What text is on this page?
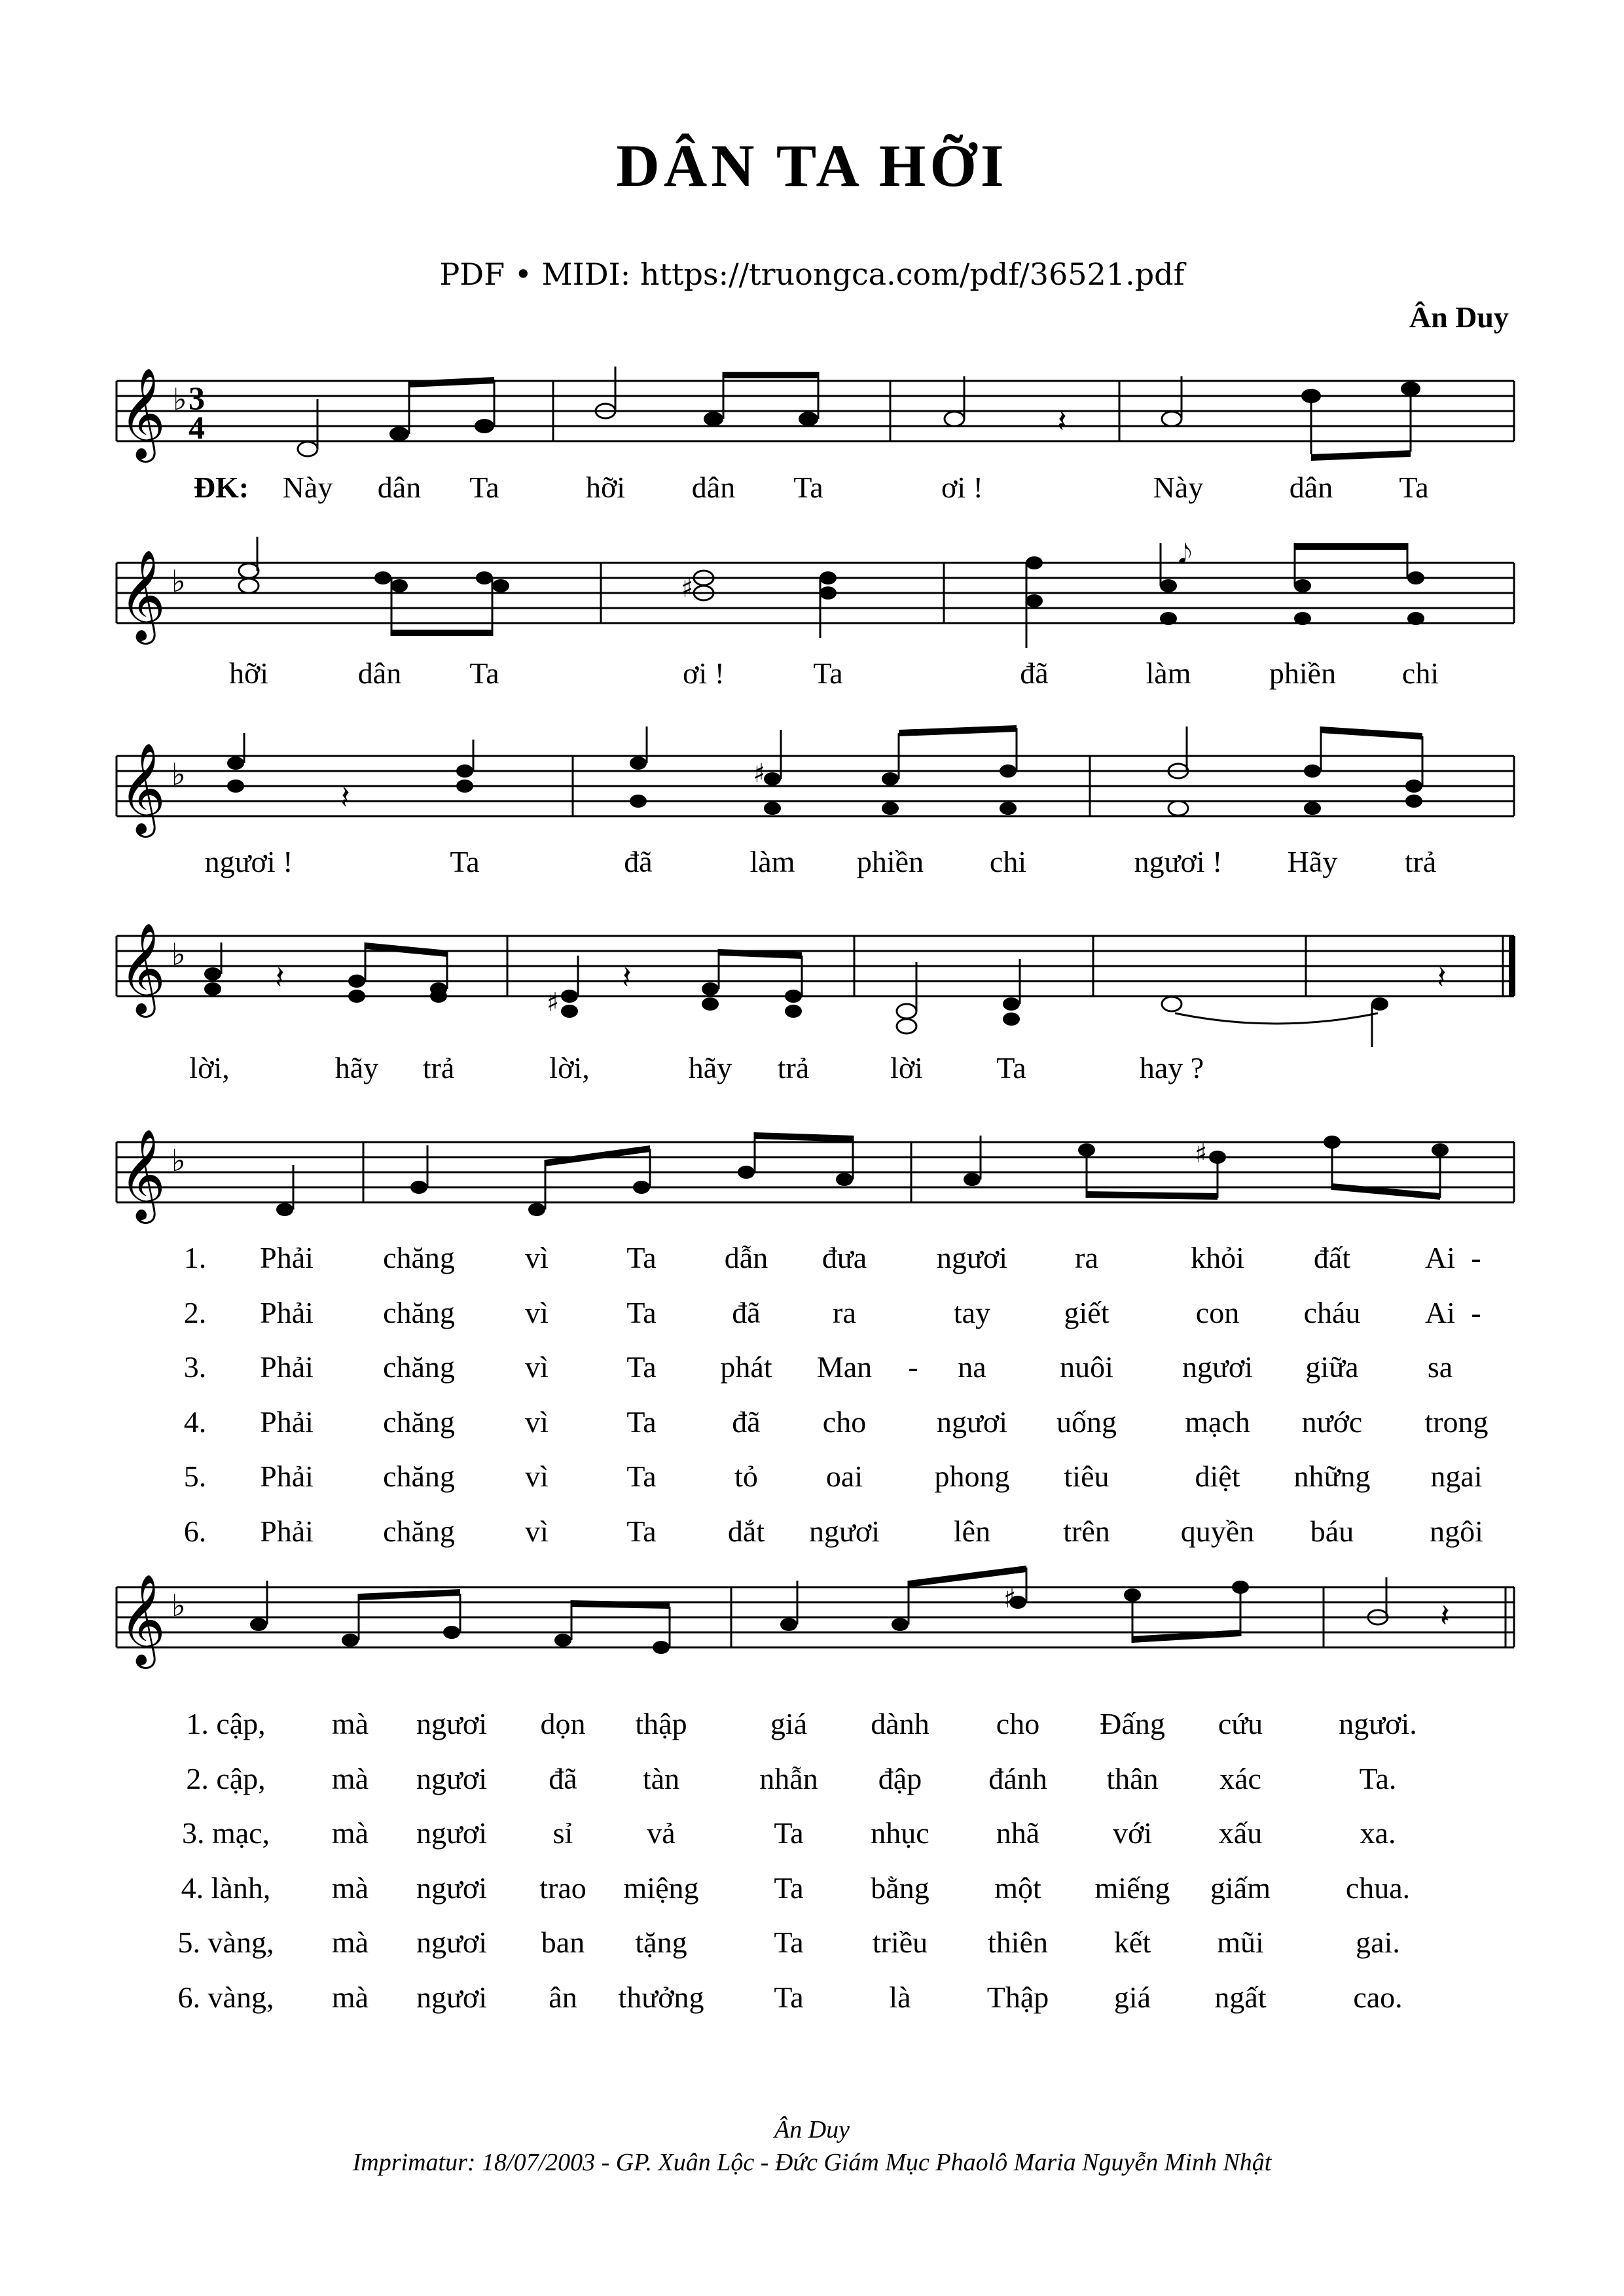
DÂN TA HỠI
PDF • MIDI: https://truongca.com/pdf/36521.pdf
Ân Duy
𝄞 ♭ 3
4	𝄽
ĐK: Này dân Ta	hỡi dân Ta	ơi !	Này	dân Ta
𝄞 ♭	♯
𝅘𝅥𝅮
hỡi	dân Ta	ơi !	Ta	đã	làm	phiền chi
𝄞 ♭
𝄽
♯
ngươi !	Ta	đã	làm phiền chi	ngươi ! Hãy trả
𝄞 ♭
𝄽	𝄽	𝄽
♯
lời,	hãy trả	lời,	hãy trả	lời Ta	hay ?
𝄞 ♭	♯
1. Phải chăng vì	Ta dẫn đưa ngươi ra	khỏi đất Ai -
2. Phải chăng vì	Ta	đã ra	tay giết	con cháu Ai -
3. Phải chăng vì	Ta phát Man - na nuôi ngươi giữa sa
4. Phải chăng vì	Ta	đã cho ngươi uống mạch nước trong
5. Phải chăng vì	Ta	tỏ oai phong tiêu	diệt những ngai
6. Phải chăng vì	Ta dắt ngươi lên trên quyền báu	ngôi
𝄞 ♭	𝄽
♯
1. cập, mà ngươi dọn thập	giá dành cho Đấng cứu	ngươi.
2. cập, mà ngươi đã tàn	nhẫn đập đánh thân xác	Ta.
3. mạc, mà ngươi sỉ vả	Ta nhục nhã với xấu	xa.
4. lành, mà ngươi trao miệng Ta bằng một miếng giấm chua.
5. vàng, mà ngươi ban tặng	Ta triều thiên kết mũi	gai.
6. vàng, mà ngươi ân thưởng Ta	là	Thập giá ngất	cao.
Ân Duy
Imprimatur: 18/07/2003 - GP. Xuân Lộc - Đức Giám Mục Phaolô Maria Nguyễn Minh Nhật
